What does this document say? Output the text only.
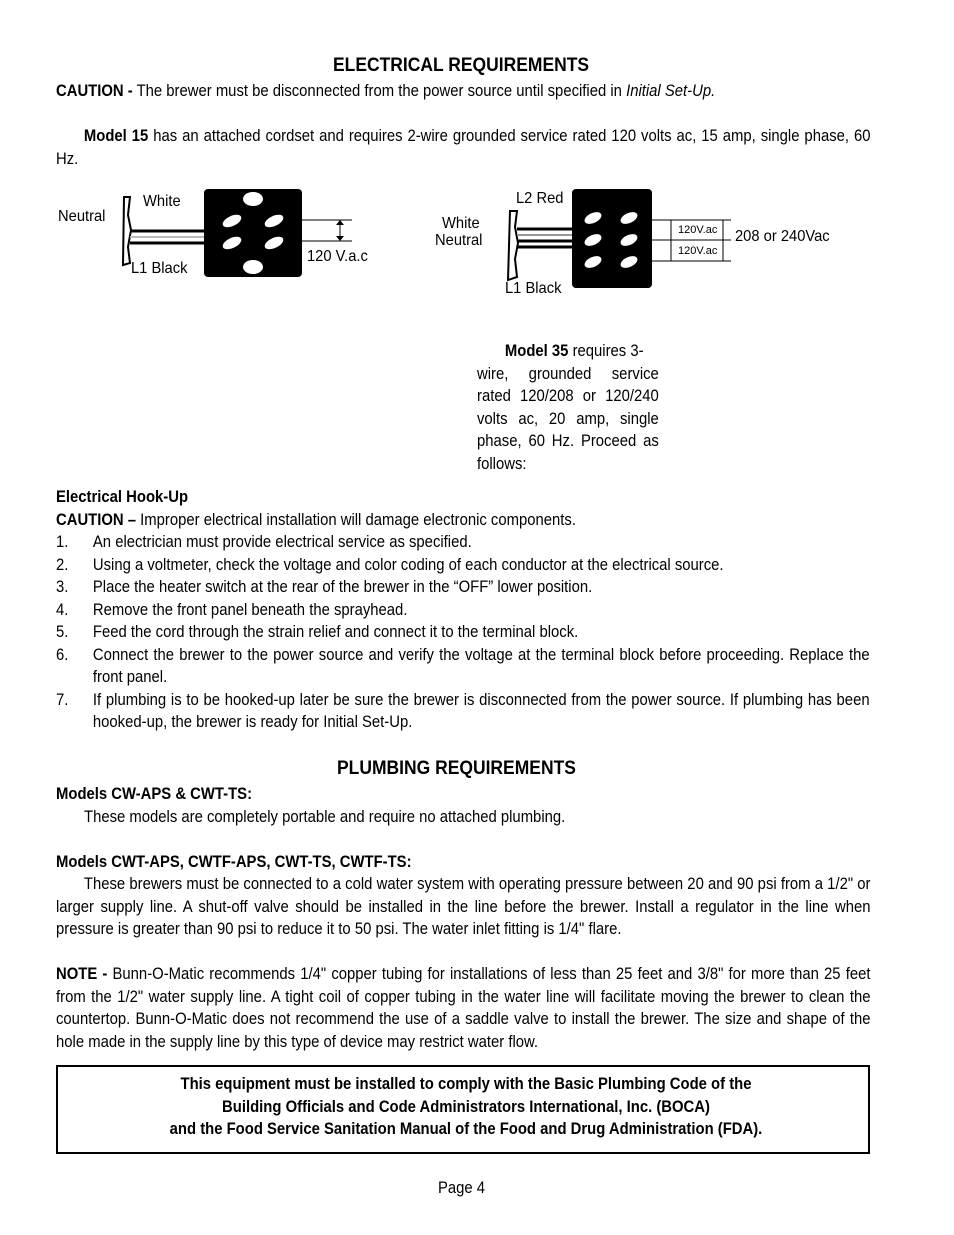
ELECTRICAL REQUIREMENTS
CAUTION - The brewer must be disconnected from the power source until specified in Initial Set-Up.
Model 15 has an attached cordset and requires 2-wire grounded service rated 120 volts ac, 15 amp, single phase, 60 Hz.
Neutral
White
L1 Black
120 V.a.c
L2 Red
White
Neutral
L1 Black
120V.ac
120V.ac
208 or 240Vac
Model 35 requires 3-
wire, grounded service
rated 120/208 or 120/240
volts ac, 20 amp, single
phase, 60 Hz. Proceed as
follows:
Electrical Hook-Up
CAUTION – Improper electrical installation will damage electronic components.
1. An electrician must provide electrical service as specified.
2. Using a voltmeter, check the voltage and color coding of each conductor at the electrical source.
3. Place the heater switch at the rear of the brewer in the “OFF” lower position.
4. Remove the front panel beneath the sprayhead.
5. Feed the cord through the strain relief and connect it to the terminal block.
6. Connect the brewer to the power source and verify the voltage at the terminal block before proceeding. Replace the front panel.
7. If plumbing is to be hooked-up later be sure the brewer is disconnected from the power source. If plumbing has been hooked-up, the brewer is ready for Initial Set-Up.
PLUMBING REQUIREMENTS
Models CW-APS & CWT-TS:
These models are completely portable and require no attached plumbing.
Models CWT-APS, CWTF-APS, CWT-TS, CWTF-TS:
These brewers must be connected to a cold water system with operating pressure between 20 and 90 psi from a 1/2" or larger supply line. A shut-off valve should be installed in the line before the brewer. Install a regulator in the line when pressure is greater than 90 psi to reduce it to 50 psi. The water inlet fitting is 1/4" flare.
NOTE - Bunn-O-Matic recommends 1/4" copper tubing for installations of less than 25 feet and 3/8" for more than 25 feet from the 1/2" water supply line. A tight coil of copper tubing in the water line will facilitate moving the brewer to clean the countertop. Bunn-O-Matic does not recommend the use of a saddle valve to install the brewer. The size and shape of the hole made in the supply line by this type of device may restrict water flow.
This equipment must be installed to comply with the Basic Plumbing Code of the
Building Officials and Code Administrators International, Inc. (BOCA)
and the Food Service Sanitation Manual of the Food and Drug Administration (FDA).
Page 4
